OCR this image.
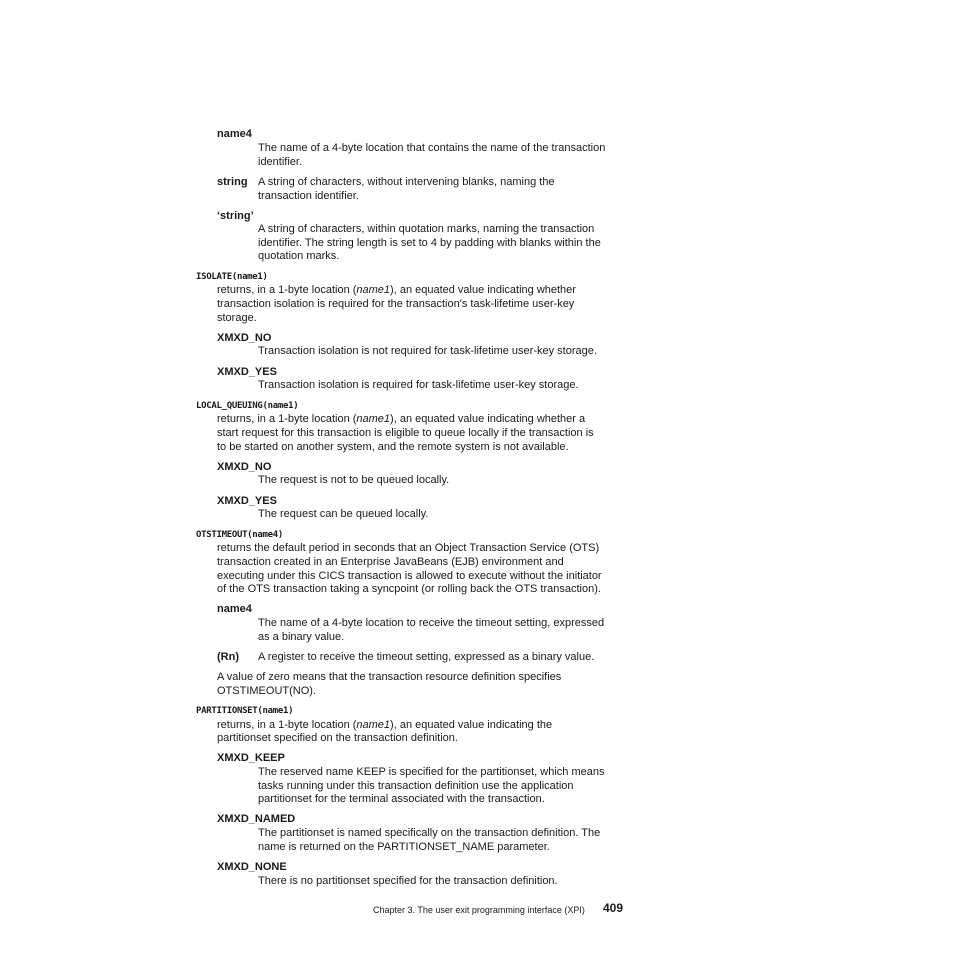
name4
The name of a 4-byte location that contains the name of the transaction
identifier.
string A string of characters, without intervening blanks, naming the
transaction identifier.
‘string’
A string of characters, within quotation marks, naming the transaction
identifier. The string length is set to 4 by padding with blanks within the
quotation marks.
ISOLATE(name1)
returns, in a 1-byte location (name1), an equated value indicating whether
transaction isolation is required for the transaction's task-lifetime user-key
storage.
XMXD_NO
Transaction isolation is not required for task-lifetime user-key storage.
XMXD_YES
Transaction isolation is required for task-lifetime user-key storage.
LOCAL_QUEUING(name1)
returns, in a 1-byte location (name1), an equated value indicating whether a
start request for this transaction is eligible to queue locally if the transaction is
to be started on another system, and the remote system is not available.
XMXD_NO
The request is not to be queued locally.
XMXD_YES
The request can be queued locally.
OTSTIMEOUT(name4)
returns the default period in seconds that an Object Transaction Service (OTS)
transaction created in an Enterprise JavaBeans (EJB) environment and
executing under this CICS transaction is allowed to execute without the initiator
of the OTS transaction taking a syncpoint (or rolling back the OTS transaction).
name4
The name of a 4-byte location to receive the timeout setting, expressed
as a binary value.
(Rn) A register to receive the timeout setting, expressed as a binary value.
A value of zero means that the transaction resource definition specifies
OTSTIMEOUT(NO).
PARTITIONSET(name1)
returns, in a 1-byte location (name1), an equated value indicating the
partitionset specified on the transaction definition.
XMXD_KEEP
The reserved name KEEP is specified for the partitionset, which means
tasks running under this transaction definition use the application
partitionset for the terminal associated with the transaction.
XMXD_NAMED
The partitionset is named specifically on the transaction definition. The
name is returned on the PARTITIONSET_NAME parameter.
XMXD_NONE
There is no partitionset specified for the transaction definition.
Chapter 3. The user exit programming interface (XPI) 409
